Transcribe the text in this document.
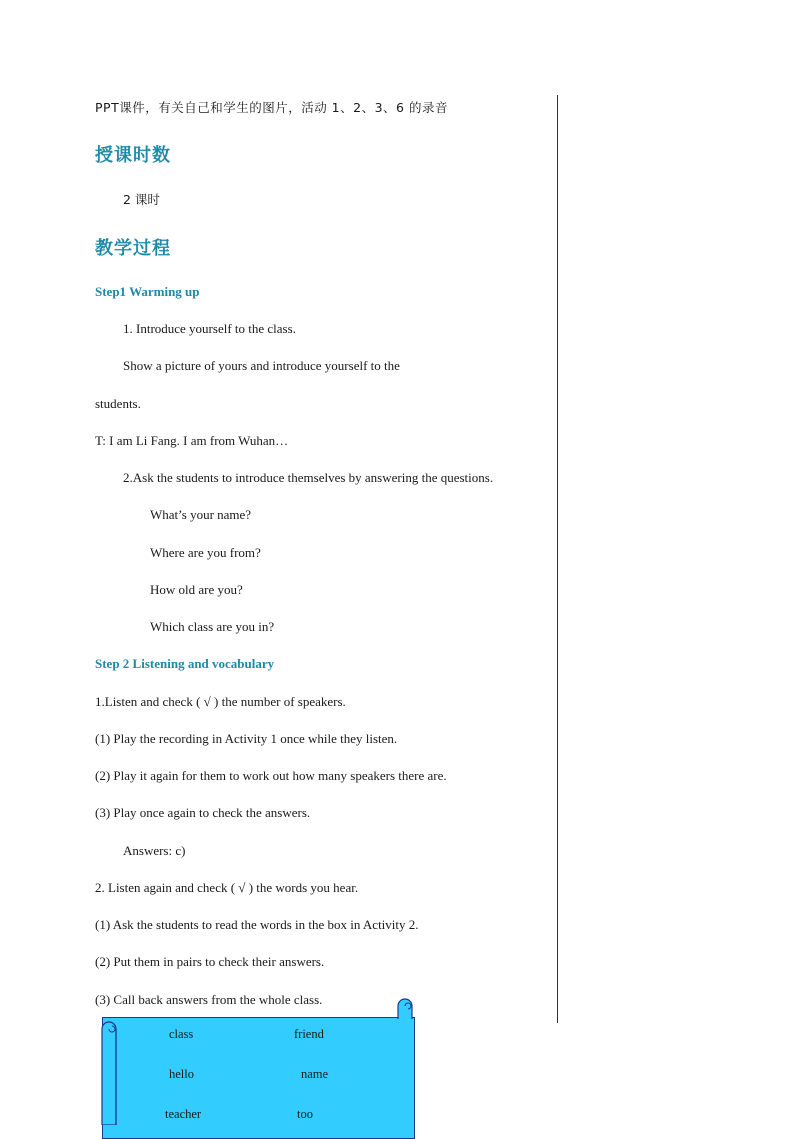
PPT课件，有关自己和学生的图片，活动 1、2、3、6 的录音
授课时数
2 课时
教学过程
Step1 Warming up
1. Introduce yourself to the class.
Show a picture of yours and introduce yourself to the
students.
T: I am Li Fang. I am from Wuhan…
2.Ask the students to introduce themselves by answering the questions.
What’s your name?
Where are you from?
How old are you?
Which class are you in?
Step 2 Listening and vocabulary
1.Listen and check ( √ ) the number of speakers.
(1) Play the recording in Activity 1 once while they listen.
(2) Play it again for them to work out how many speakers there are.
(3) Play once again to check the answers.
Answers: c)
2. Listen again and check ( √ ) the words you hear.
(1) Ask the students to read the words in the box in Activity 2.
(2) Put them in pairs to check their answers.
(3) Call back answers from the whole class.
class	friend
hello	name
teacher	too
